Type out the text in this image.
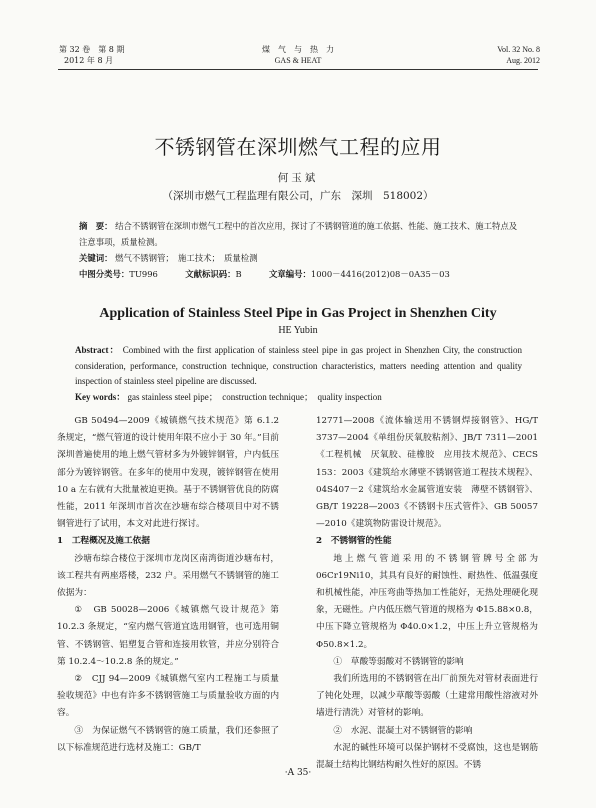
第 32 卷　第 8 期
2012 年 8 月
煤　气　与　热　力
GAS & HEAT
Vol. 32 No. 8
Aug. 2012
不锈钢管在深圳燃气工程的应用
何玉斌
（深圳市燃气工程监理有限公司，广东　深圳　518002）
摘　要： 结合不锈钢管在深圳市燃气工程中的首次应用，探讨了不锈钢管道的施工依据、性能、施工技术、施工特点及注意事项，质量检测。
关键词： 燃气不锈钢管；　施工技术；　质量检测
中图分类号：TU996	文献标识码：B	文章编号：1000－4416(2012)08－0A35－03
Application of Stainless Steel Pipe in Gas Project in Shenzhen City
HE Yubin
Abstract： Combined with the first application of stainless steel pipe in gas project in Shenzhen City, the construction consideration, performance, construction technique, construction characteristics, matters needing attention and quality inspection of stainless steel pipeline are discussed.
Key words： gas stainless steel pipe；　construction technique；　quality inspection

GB 50494—2009《城镇燃气技术规范》第 6.1.2 条规定，“燃气管道的设计使用年限不应小于 30 年。”目前深圳普遍使用的地上燃气管材多为外镀锌钢管，户内低压部分为镀锌钢管。在多年的使用中发现，镀锌钢管在使用 10 a 左右就有大批量被迫更换。基于不锈钢管优良的防腐性能，2011 年深圳市首次在沙塘布综合楼项目中对不锈钢管进行了试用，本文对此进行探讨。

1　工程概况及施工依据

沙塘布综合楼位于深圳市龙岗区南湾街道沙塘布村，该工程共有两座塔楼，232 户。采用燃气不锈钢管的施工依据为：

①　GB 50028—2006《城镇燃气设计规范》第 10.2.3 条规定，“室内燃气管道宜选用钢管，也可选用铜管、不锈钢管、铝塑复合管和连接用软管，并应分别符合第 10.2.4～10.2.8 条的规定。”

②　CJJ 94—2009《城镇燃气室内工程施工与质量验收规范》中也有许多不锈钢管施工与质量验收方面的内容。

③　为保证燃气不锈钢管的施工质量，我们还参照了以下标准规范进行选材及施工：GB/T

12771—2008《流体输送用不锈钢焊接钢管》、HG/T 3737—2004《单组份厌氧胶粘剂》、JB/T 7311—2001《工程机械　厌氧胶、硅橡胶　应用技术规范》、CECS 153：2003《建筑给水薄壁不锈钢管道工程技术规程》、04S407－2《建筑给水金属管道安装　薄壁不锈钢管》、GB/T 19228—2003《不锈钢卡压式管件》、GB 50057—2010《建筑物防雷设计规范》。

2　不锈钢管的性能

地上燃气管道采用的不锈钢管牌号全部为 06Cr19Ni10，其具有良好的耐蚀性、耐热性、低温强度和机械性能，冲压弯曲等热加工性能好，无热处理硬化现象，无磁性。户内低压燃气管道的规格为 Φ15.88×0.8，中压下降立管规格为 Φ40.0×1.2，中压上升立管规格为 Φ50.8×1.2。

①　草酸等弱酸对不锈钢管的影响

我们所选用的不锈钢管在出厂前预先对管材表面进行了钝化处理，以减少草酸等弱酸（土建常用酸性溶液对外墙进行清洗）对管材的影响。

②　水泥、混凝土对不锈钢管的影响

水泥的碱性环境可以保护钢材不受腐蚀，这也是钢筋混凝土结构比钢结构耐久性好的原因。不锈

·A 35·
